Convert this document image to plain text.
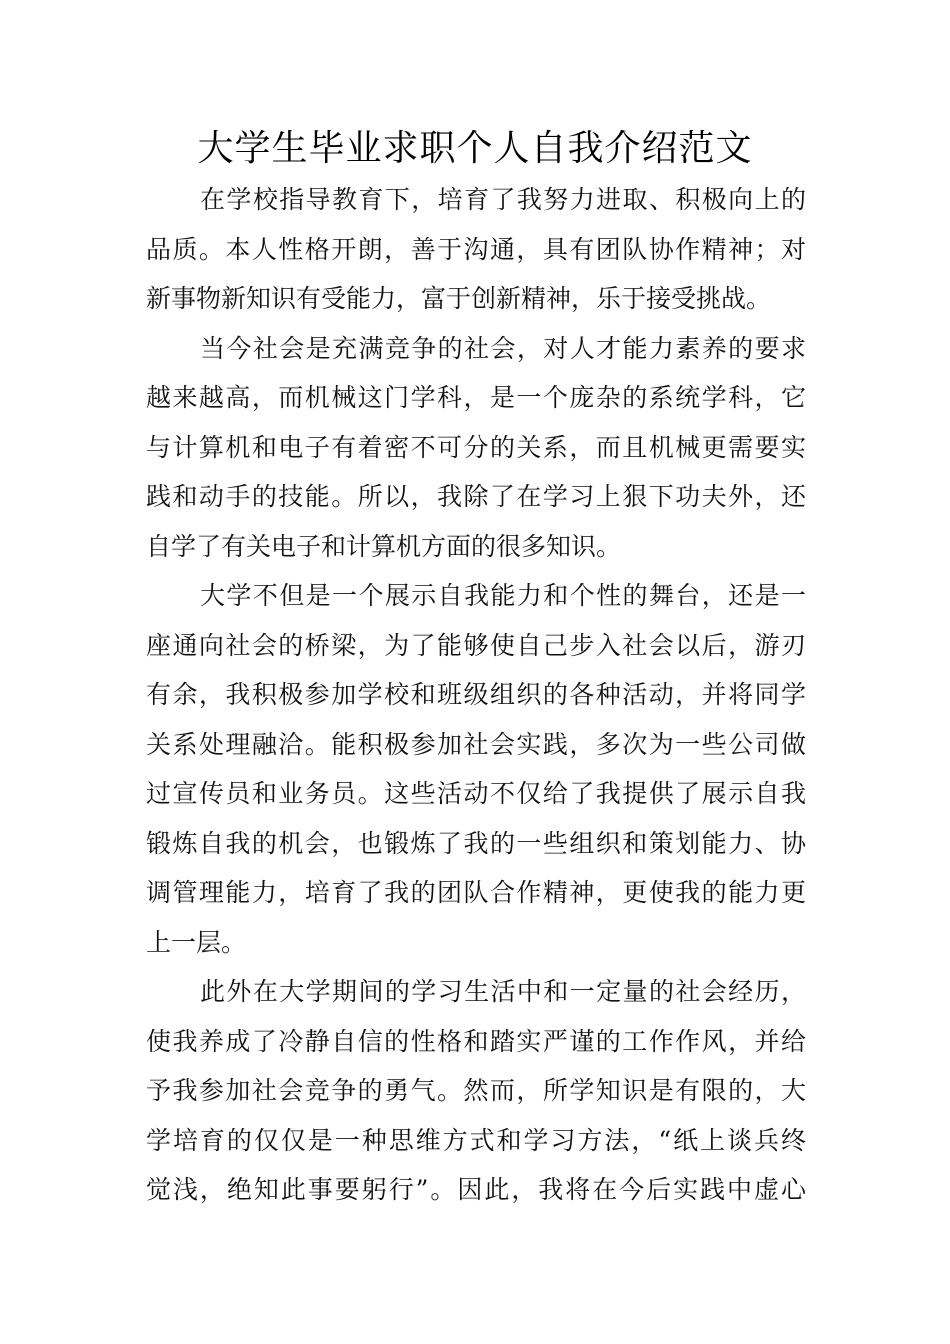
大学生毕业求职个人自我介绍范文
在学校指导教育下，培育了我努力进取、积极向上的
品质。本人性格开朗，善于沟通，具有团队协作精神；对
新事物新知识有受能力，富于创新精神，乐于接受挑战。
当今社会是充满竞争的社会，对人才能力素养的要求
越来越高，而机械这门学科，是一个庞杂的系统学科，它
与计算机和电子有着密不可分的关系，而且机械更需要实
践和动手的技能。所以，我除了在学习上狠下功夫外，还
自学了有关电子和计算机方面的很多知识。
大学不但是一个展示自我能力和个性的舞台，还是一
座通向社会的桥梁，为了能够使自己步入社会以后，游刃
有余，我积极参加学校和班级组织的各种活动，并将同学
关系处理融洽。能积极参加社会实践，多次为一些公司做
过宣传员和业务员。这些活动不仅给了我提供了展示自我
锻炼自我的机会，也锻炼了我的一些组织和策划能力、协
调管理能力，培育了我的团队合作精神，更使我的能力更
上一层。
此外在大学期间的学习生活中和一定量的社会经历，
使我养成了冷静自信的性格和踏实严谨的工作作风，并给
予我参加社会竞争的勇气。然而，所学知识是有限的，大
学培育的仅仅是一种思维方式和学习方法，“纸上谈兵终
觉浅，绝知此事要躬行”。因此，我将在今后实践中虚心
